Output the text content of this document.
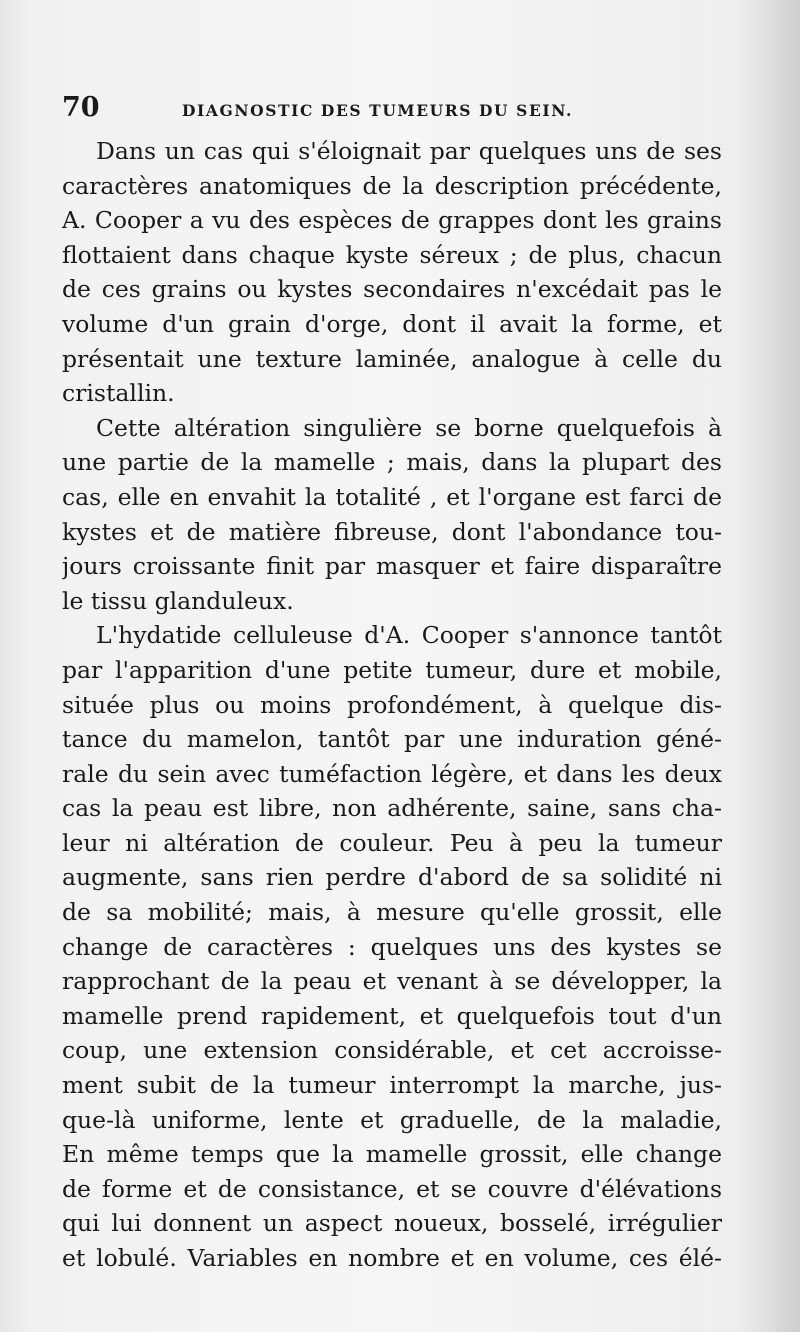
70	DIAGNOSTIC DES TUMEURS DU SEIN.
Dans un cas qui s'éloignait par quelques uns de ses
caractères anatomiques de la description précédente,
A. Cooper a vu des espèces de grappes dont les grains
flottaient dans chaque kyste séreux ; de plus, chacun
de ces grains ou kystes secondaires n'excédait pas le
volume d'un grain d'orge, dont il avait la forme, et
présentait une texture laminée, analogue à celle du
cristallin.
Cette altération singulière se borne quelquefois à
une partie de la mamelle ; mais, dans la plupart des
cas, elle en envahit la totalité , et l'organe est farci de
kystes et de matière fibreuse, dont l'abondance tou-
jours croissante finit par masquer et faire disparaître
le tissu glanduleux.
L'hydatide celluleuse d'A. Cooper s'annonce tantôt
par l'apparition d'une petite tumeur, dure et mobile,
située plus ou moins profondément, à quelque dis-
tance du mamelon, tantôt par une induration géné-
rale du sein avec tuméfaction légère, et dans les deux
cas la peau est libre, non adhérente, saine, sans cha-
leur ni altération de couleur. Peu à peu la tumeur
augmente, sans rien perdre d'abord de sa solidité ni
de sa mobilité; mais, à mesure qu'elle grossit, elle
change de caractères : quelques uns des kystes se
rapprochant de la peau et venant à se développer, la
mamelle prend rapidement, et quelquefois tout d'un
coup, une extension considérable, et cet accroisse-
ment subit de la tumeur interrompt la marche, jus-
que-là uniforme, lente et graduelle, de la maladie,
En même temps que la mamelle grossit, elle change
de forme et de consistance, et se couvre d'élévations
qui lui donnent un aspect noueux, bosselé, irrégulier
et lobulé. Variables en nombre et en volume, ces élé-
